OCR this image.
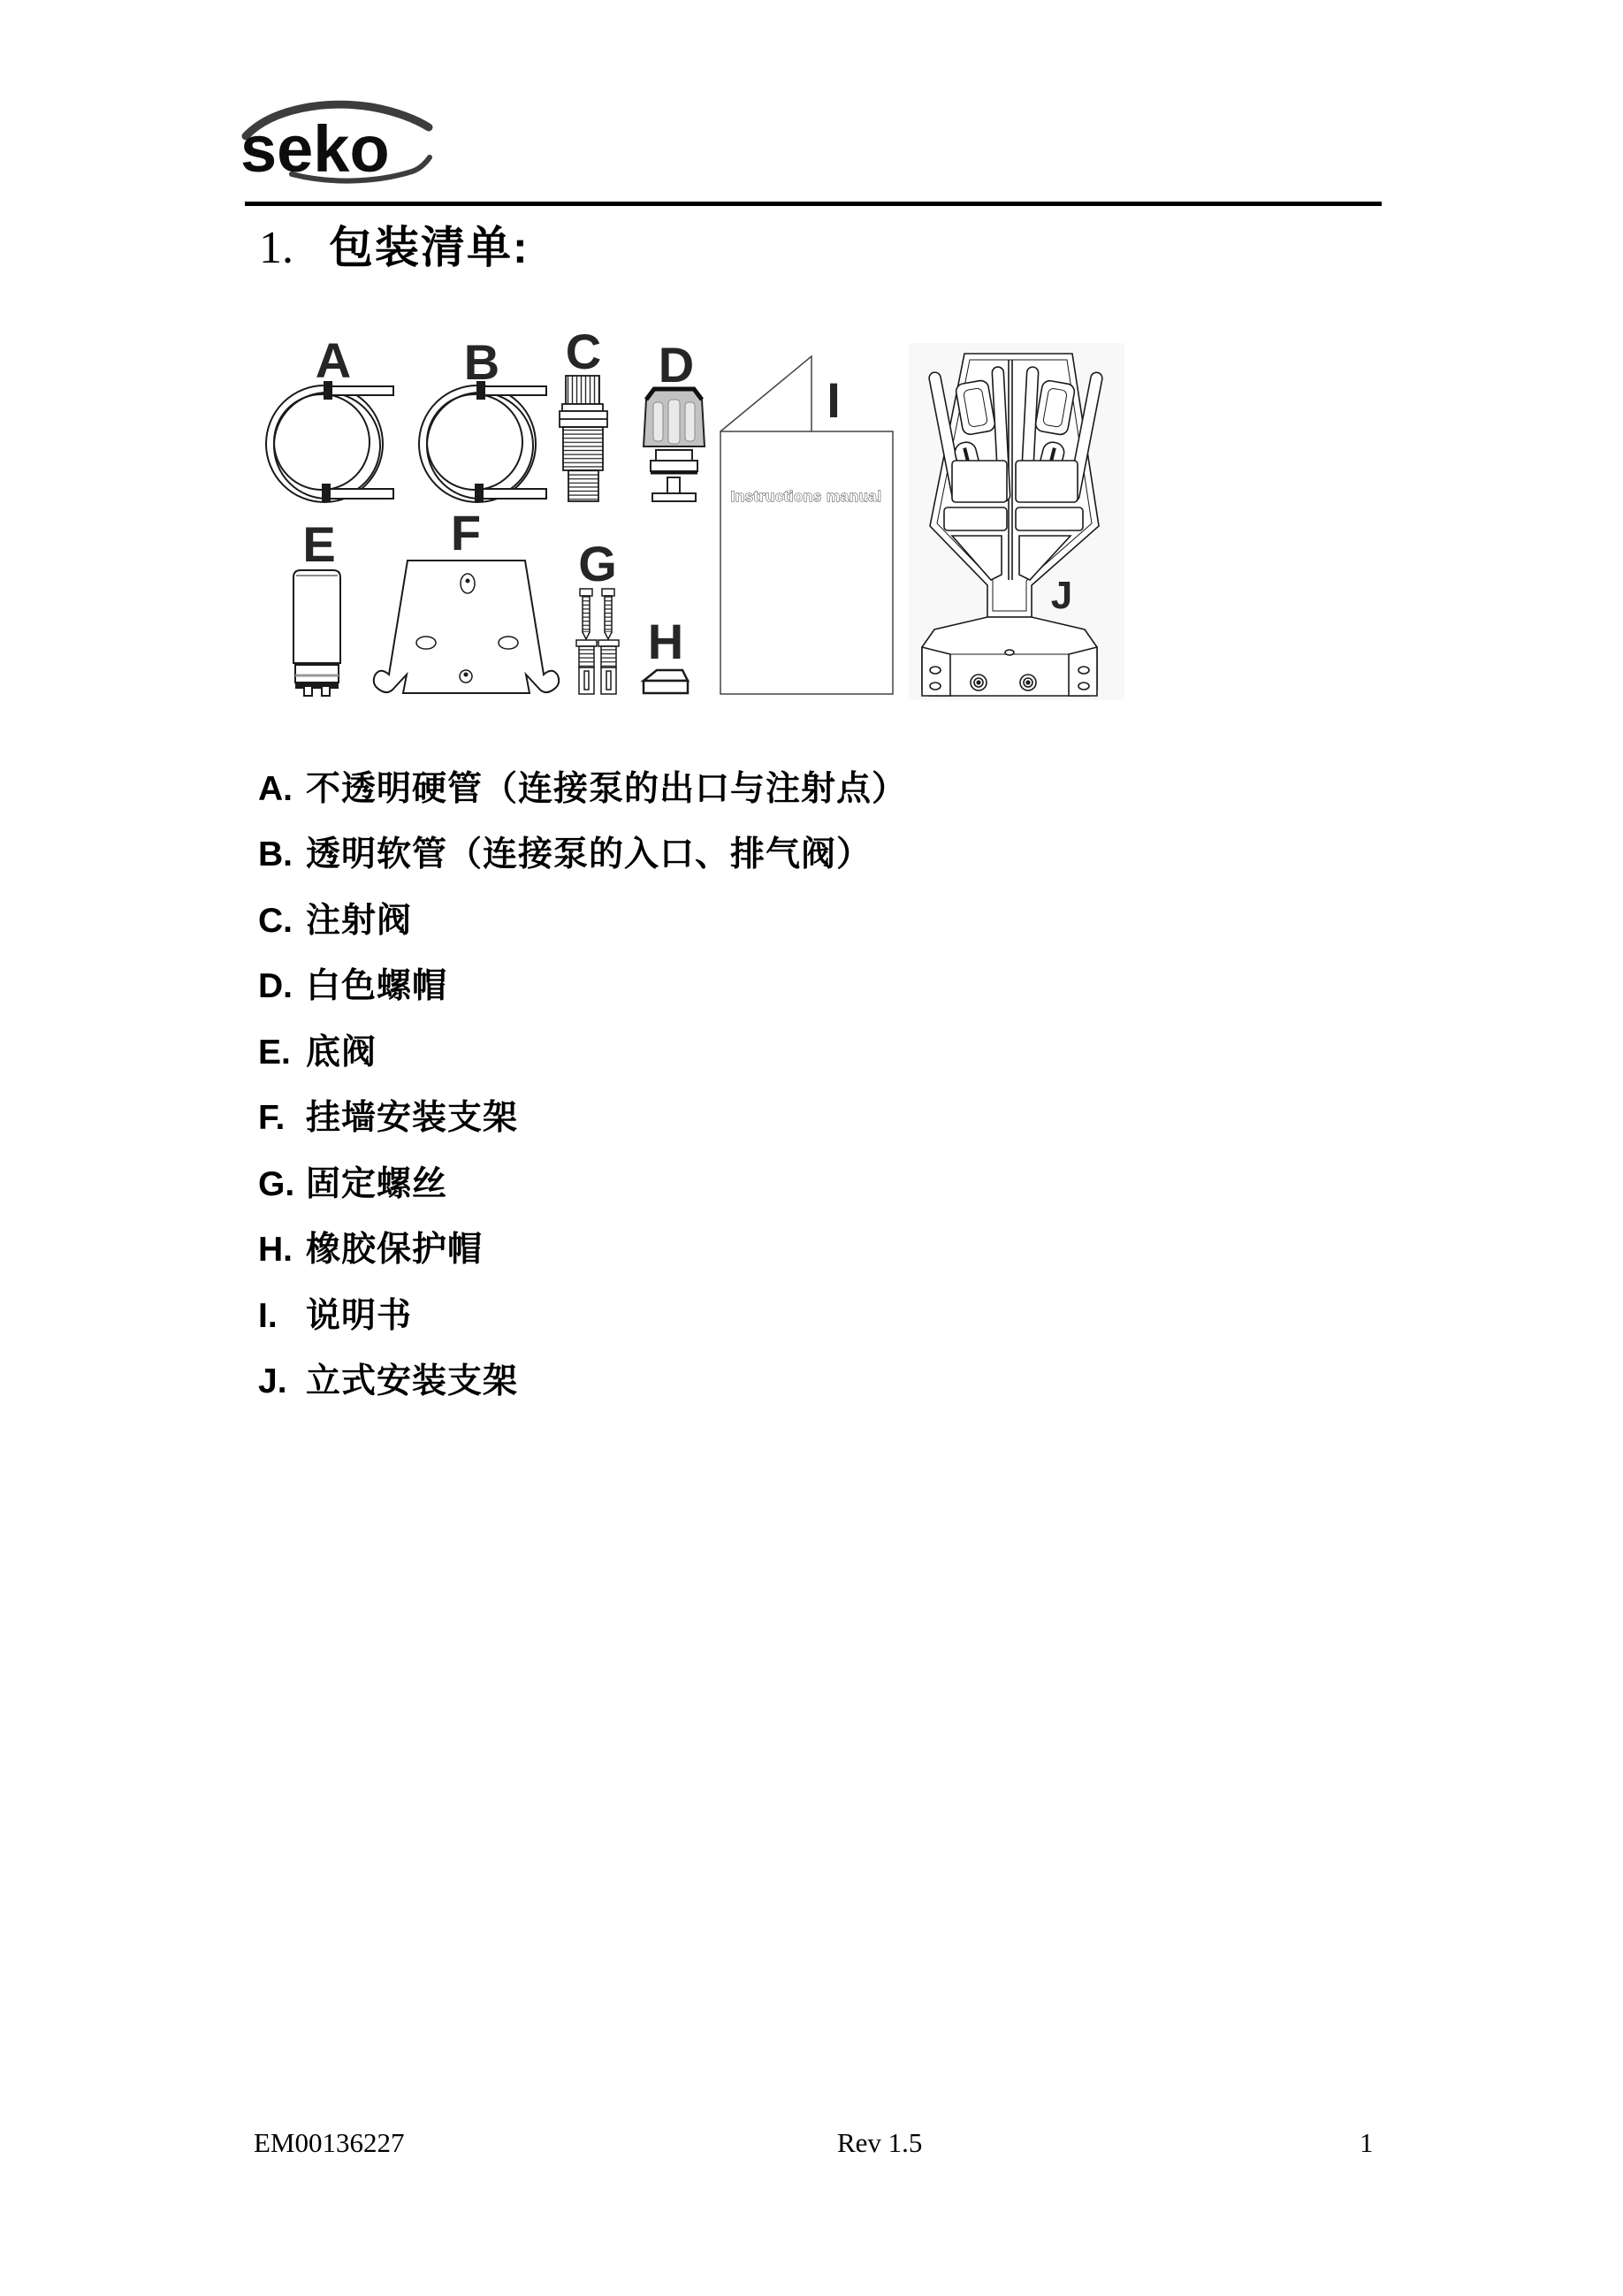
seko
1. 包装清单:
Instructions manual
A B C D
E F
G
H
I
J
A. 不透明硬管（连接泵的出口与注射点）
B. 透明软管（连接泵的入口、排气阀）
C. 注射阀
D. 白色螺帽
E. 底阀
F. 挂墙安装支架
G. 固定螺丝
H. 橡胶保护帽
I. 说明书
J. 立式安装支架
EM00136227	Rev 1.5	1
